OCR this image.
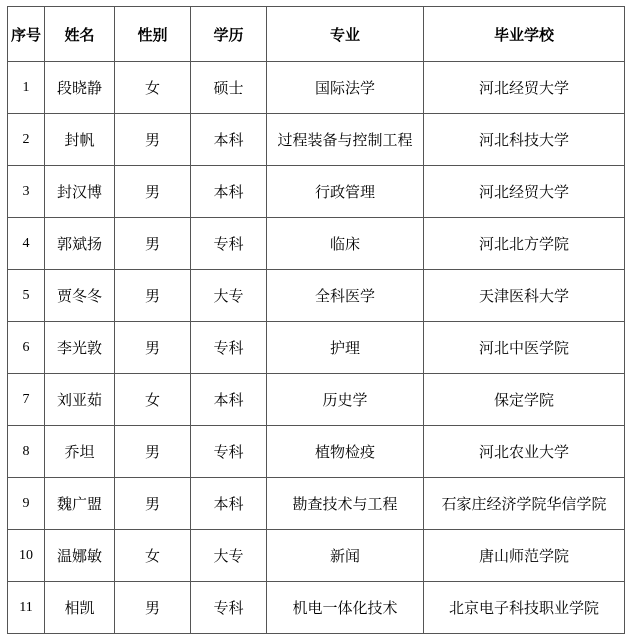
序号	姓名	性别	学历	专业	毕业学校
1	段晓静	女	硕士	国际法学	河北经贸大学
2	封帆	男	本科	过程装备与控制工程	河北科技大学
3	封汉博	男	本科	行政管理	河北经贸大学
4	郭斌扬	男	专科	临床	河北北方学院
5	贾冬冬	男	大专	全科医学	天津医科大学
6	李光敦	男	专科	护理	河北中医学院
7	刘亚茹	女	本科	历史学	保定学院
8	乔坦	男	专科	植物检疫	河北农业大学
9	魏广盟	男	本科	勘查技术与工程	石家庄经济学院华信学院
10	温娜敏	女	大专	新闻	唐山师范学院
11	相凯	男	专科	机电一体化技术	北京电子科技职业学院
